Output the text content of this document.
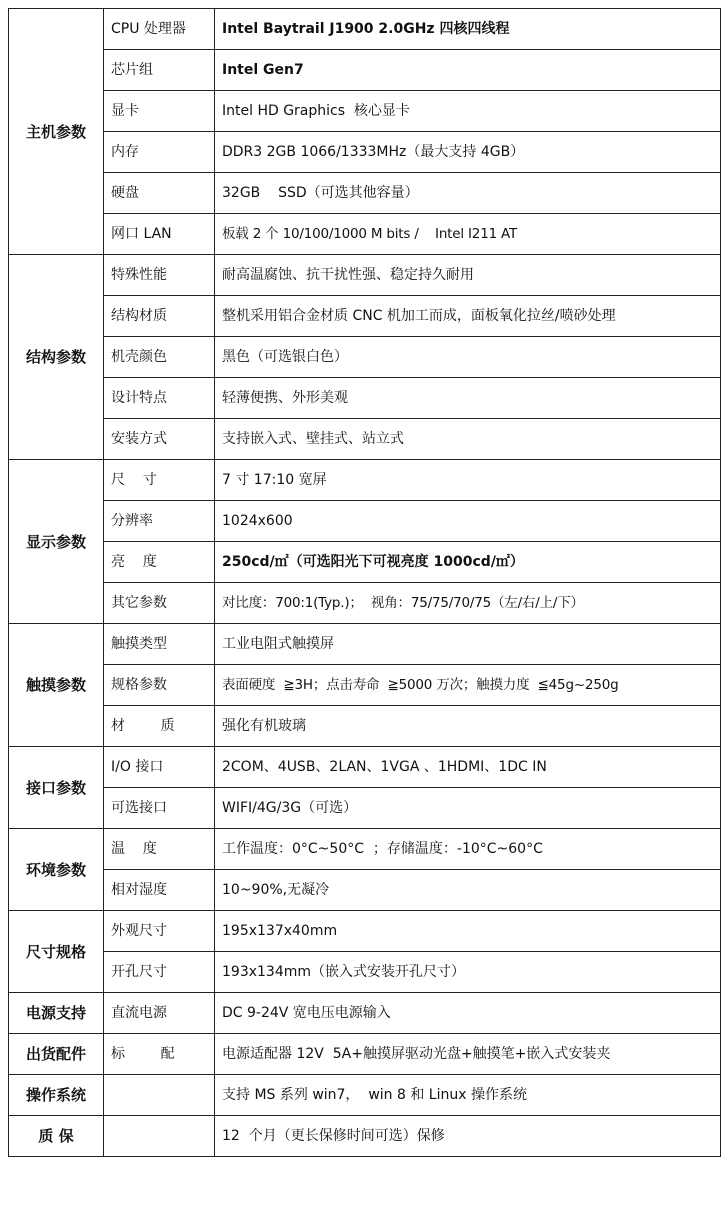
主机参数	CPU 处理器	Intel Baytrail J1900 2.0GHz 四核四线程
	芯片组	Intel Gen7
	显卡	Intel HD Graphics  核心显卡
	内存	DDR3 2GB 1066/1333MHz（最大支持 4GB）
	硬盘	32GB    SSD（可选其他容量）
	网口 LAN	板载 2 个 10/100/1000 M bits /    Intel I211 AT
结构参数	特殊性能	耐高温腐蚀、抗干扰性强、稳定持久耐用
	结构材质	整机采用铝合金材质 CNC 机加工而成，面板氧化拉丝/喷砂处理
	机壳颜色	黑色（可选银白色）
	设计特点	轻薄便携、外形美观
	安装方式	支持嵌入式、壁挂式、站立式
显示参数	尺    寸	7 寸 17:10 宽屏
	分辨率	1024x600
	亮    度	250cd/㎡（可选阳光下可视亮度 1000cd/㎡）
	其它参数	对比度：700:1(Typ.)；  视角：75/75/70/75（左/右/上/下）
触摸参数	触摸类型	工业电阻式触摸屏
	规格参数	表面硬度  ≧3H；点击寿命  ≧5000 万次；触摸力度  ≦45g~250g
	材        质	强化有机玻璃
接口参数	I/O 接口	2COM、4USB、2LAN、1VGA 、1HDMI、1DC IN
	可选接口	WIFI/4G/3G（可选）
环境参数	温    度	工作温度：0°C~50°C  ；存储温度：-10°C~60°C
	相对湿度	10~90%,无凝冷
尺寸规格	外观尺寸	195x137x40mm
	开孔尺寸	193x134mm（嵌入式安装开孔尺寸）
电源支持	直流电源	DC 9-24V 宽电压电源输入
出货配件	标        配	电源适配器 12V  5A+触摸屏驱动光盘+触摸笔+嵌入式安装夹
操作系统		支持 MS 系列 win7，  win 8 和 Linux 操作系统
质 保		12  个月（更长保修时间可选）保修
